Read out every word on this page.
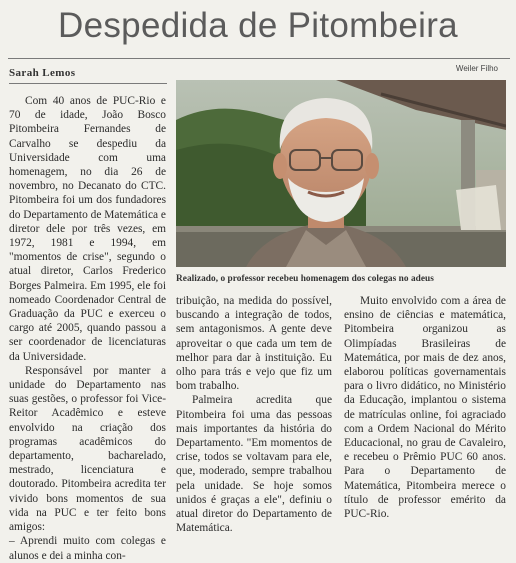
Despedida de Pitombeira
Sarah Lemos	Weiler Filho

Com 40 anos de PUC-Rio e 70 de idade, João Bosco Pitombeira Fernandes de Carvalho se despediu da Universidade com uma homenagem, no dia 26 de novembro, no Decanato do CTC. Pitombeira foi um dos fundadores do Departamento de Matemática e diretor dele por três vezes, em 1972, 1981 e 1994, em "momentos de crise", segundo o atual diretor, Carlos Frederico Borges Palmeira. Em 1995, ele foi nomeado Coordenador Central de Graduação da PUC e exerceu o cargo até 2005, quando passou a ser coordenador de licenciaturas da Universidade.

Responsável por manter a unidade do Departamento nas suas gestões, o professor foi Vice-Reitor Acadêmico e esteve envolvido na criação dos programas acadêmicos do departamento, bacharelado, mestrado, licenciatura e doutorado. Pitombeira acredita ter vivido bons momentos de sua vida na PUC e ter feito bons amigos:

– Aprendi muito com colegas e alunos e dei a minha con-

Realizado, o professor recebeu homenagem dos colegas no adeus

tribuição, na medida do possível, buscando a integração de todos, sem antagonismos. A gente deve aproveitar o que cada um tem de melhor para dar à instituição. Eu olho para trás e vejo que fiz um bom trabalho.

Palmeira acredita que Pitombeira foi uma das pessoas mais importantes da história do Departamento. "Em momentos de crise, todos se voltavam para ele, que, moderado, sempre trabalhou pela unidade. Se hoje somos unidos é graças a ele", definiu o atual diretor do Departamento de Matemática.

Muito envolvido com a área de ensino de ciências e matemática, Pitombeira organizou as Olimpíadas Brasileiras de Matemática, por mais de dez anos, elaborou políticas governamentais para o livro didático, no Ministério da Educação, implantou o sistema de matrículas online, foi agraciado com a Ordem Nacional do Mérito Educacional, no grau de Cavaleiro, e recebeu o Prêmio PUC 60 anos. Para o Departamento de Matemática, Pitombeira merece o título de professor emérito da PUC-Rio.
